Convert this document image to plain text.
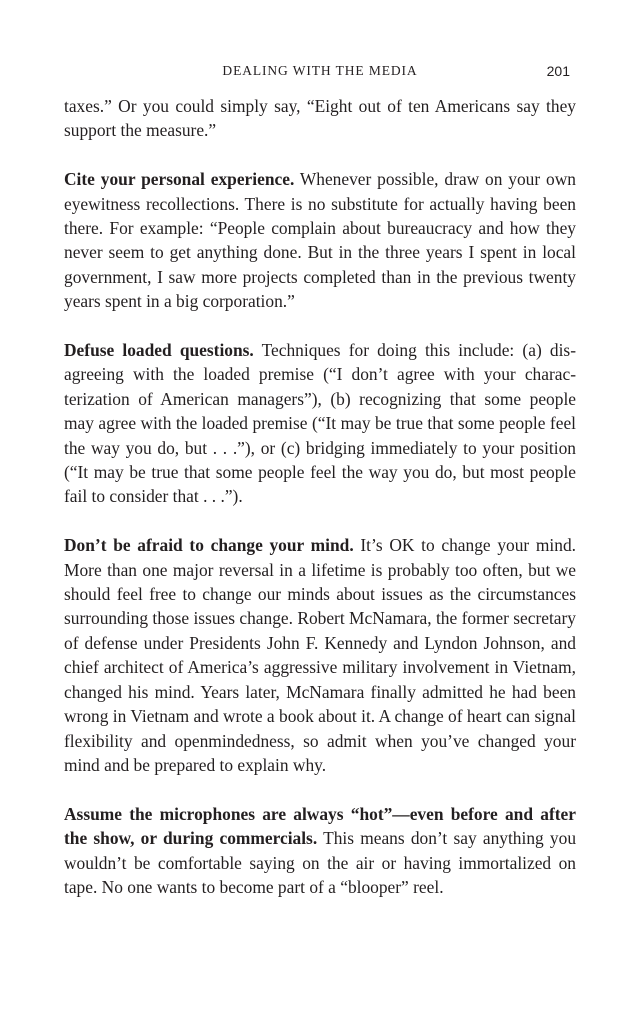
DEALING WITH THE MEDIA	201

taxes.” Or you could simply say, “Eight out of ten Americans say they support the measure.”

Cite your personal experience. Whenever possible, draw on your own eyewitness recollections. There is no substitute for actually having been there. For example: “People complain about bureaucracy and how they never seem to get anything done. But in the three years I spent in local government, I saw more projects completed than in the previous twenty years spent in a big corporation.”

Defuse loaded questions. Techniques for doing this include: (a) disagreeing with the loaded premise (“I don’t agree with your characterization of American managers”), (b) recognizing that some people may agree with the loaded premise (“It may be true that some people feel the way you do, but . . .”), or (c) bridging immediately to your position (“It may be true that some people feel the way you do, but most people fail to consider that . . .”).

Don’t be afraid to change your mind. It’s OK to change your mind. More than one major reversal in a lifetime is probably too often, but we should feel free to change our minds about issues as the circumstances surrounding those issues change. Robert McNamara, the former secretary of defense under Presidents John F. Kennedy and Lyndon Johnson, and chief architect of America’s aggressive military involvement in Vietnam, changed his mind. Years later, McNamara finally admitted he had been wrong in Vietnam and wrote a book about it. A change of heart can signal flexibility and openmindedness, so admit when you’ve changed your mind and be prepared to explain why.

Assume the microphones are always “hot”—even before and after the show, or during commercials. This means don’t say anything you wouldn’t be comfortable saying on the air or having immortalized on tape. No one wants to become part of a “blooper” reel.
